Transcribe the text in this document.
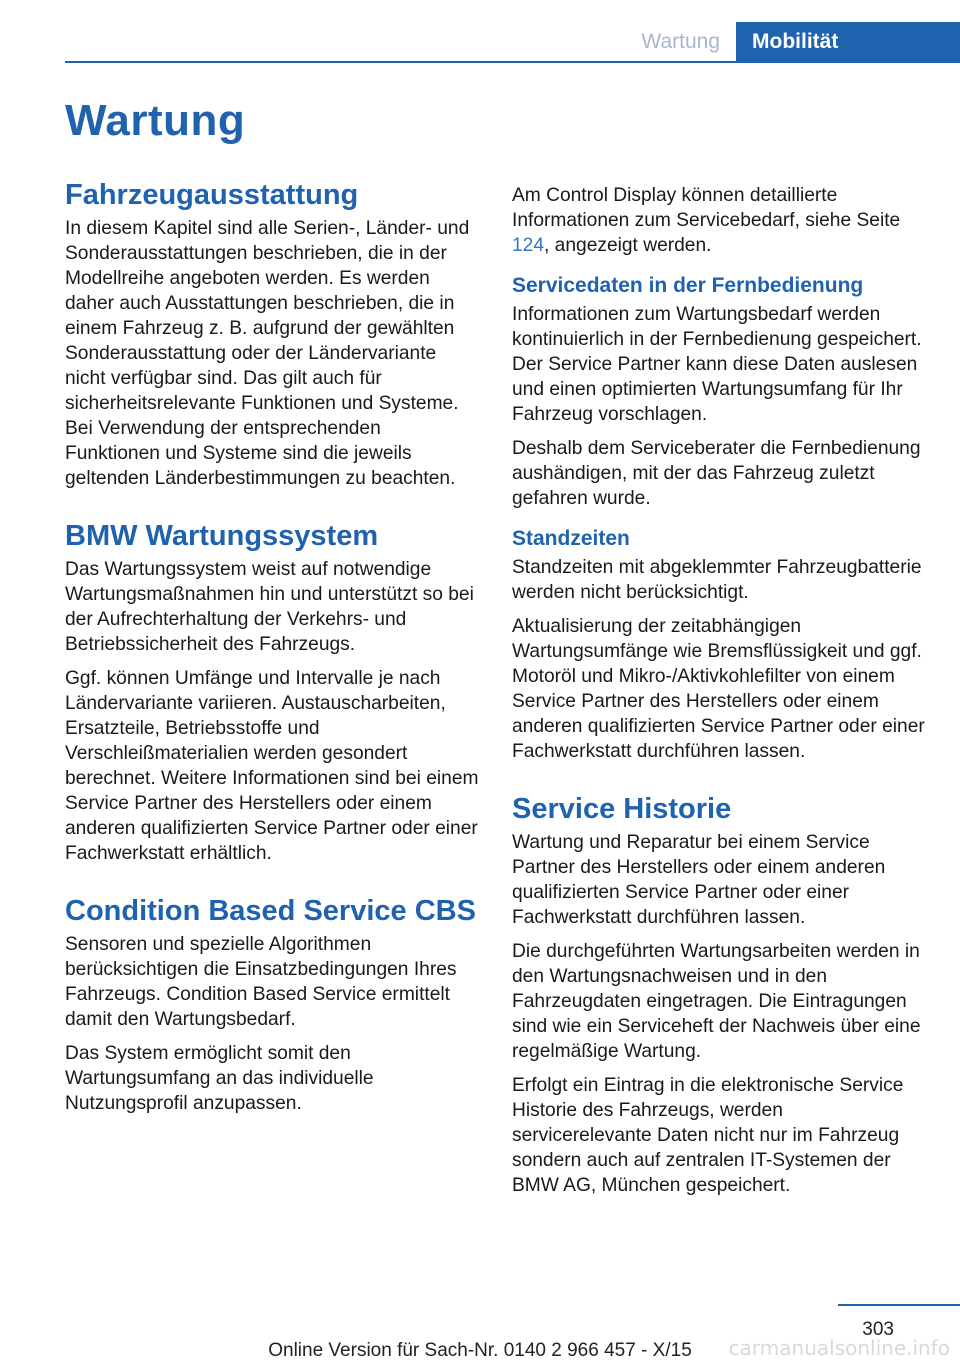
Wartung	Mobilität
Wartung
Fahrzeugausstattung

In diesem Kapitel sind alle Serien-, Länder- und Sonderausstattungen beschrieben, die in der Modellreihe angeboten werden. Es werden daher auch Ausstattungen beschrieben, die in einem Fahrzeug z. B. aufgrund der gewählten Sonderausstattung oder der Ländervariante nicht verfügbar sind. Das gilt auch für sicherheitsrelevante Funktionen und Systeme. Bei Verwendung der entsprechenden Funktionen und Systeme sind die jeweils geltenden Länderbestimmungen zu beachten.

BMW Wartungssystem

Das Wartungssystem weist auf notwendige Wartungsmaßnahmen hin und unterstützt so bei der Aufrechterhaltung der Verkehrs- und Betriebssicherheit des Fahrzeugs.

Ggf. können Umfänge und Intervalle je nach Ländervariante variieren. Austauscharbeiten, Ersatzteile, Betriebsstoffe und Verschleißmaterialien werden gesondert berechnet. Weitere Informationen sind bei einem Service Partner des Herstellers oder einem anderen qualifizierten Service Partner oder einer Fachwerkstatt erhältlich.

Condition Based Service CBS

Sensoren und spezielle Algorithmen berücksichtigen die Einsatzbedingungen Ihres Fahrzeugs. Condition Based Service ermittelt damit den Wartungsbedarf.

Das System ermöglicht somit den Wartungsumfang an das individuelle Nutzungsprofil anzupassen.

Am Control Display können detaillierte Informationen zum Servicebedarf, siehe Seite 124, angezeigt werden.

Servicedaten in der Fernbedienung

Informationen zum Wartungsbedarf werden kontinuierlich in der Fernbedienung gespeichert. Der Service Partner kann diese Daten auslesen und einen optimierten Wartungsumfang für Ihr Fahrzeug vorschlagen.

Deshalb dem Serviceberater die Fernbedienung aushändigen, mit der das Fahrzeug zuletzt gefahren wurde.

Standzeiten

Standzeiten mit abgeklemmter Fahrzeugbatterie werden nicht berücksichtigt.

Aktualisierung der zeitabhängigen Wartungsumfänge wie Bremsflüssigkeit und ggf. Motoröl und Mikro-/Aktivkohlefilter von einem Service Partner des Herstellers oder einem anderen qualifizierten Service Partner oder einer Fachwerkstatt durchführen lassen.

Service Historie

Wartung und Reparatur bei einem Service Partner des Herstellers oder einem anderen qualifizierten Service Partner oder einer Fachwerkstatt durchführen lassen.

Die durchgeführten Wartungsarbeiten werden in den Wartungsnachweisen und in den Fahrzeugdaten eingetragen. Die Eintragungen sind wie ein Serviceheft der Nachweis über eine regelmäßige Wartung.

Erfolgt ein Eintrag in die elektronische Service Historie des Fahrzeugs, werden servicerelevante Daten nicht nur im Fahrzeug sondern auch auf zentralen IT-Systemen der BMW AG, München gespeichert.

303
Online Version für Sach-Nr. 0140 2 966 457 - X/15	carmanualsonline.info
